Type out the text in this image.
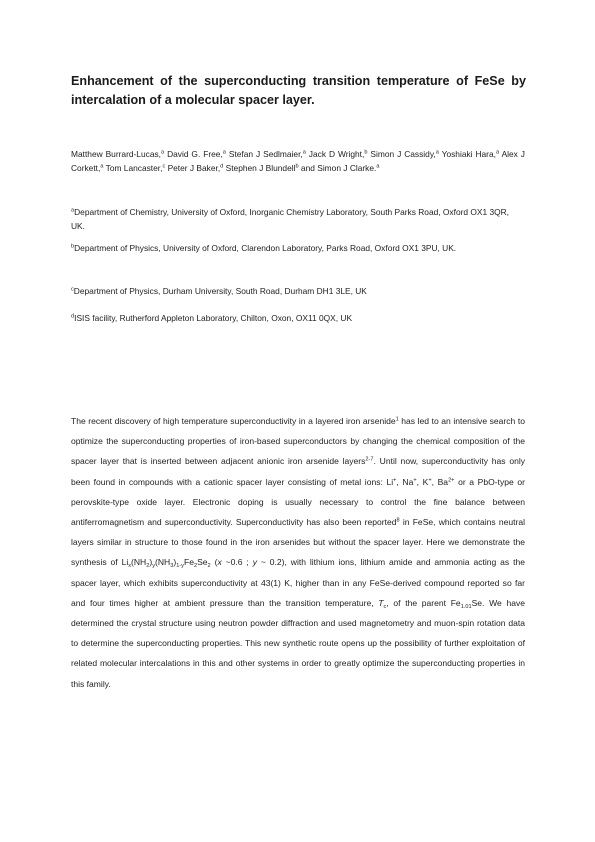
Enhancement of the superconducting transition temperature of FeSe by intercalation of a molecular spacer layer.
Matthew Burrard-Lucas,$^a$ David G. Free,$^a$ Stefan J Sedlmaier,$^a$ Jack D Wright,$^b$ Simon J Cassidy,$^a$ Yoshiaki Hara,$^a$ Alex J Corkett,$^a$ Tom Lancaster,$^c$ Peter J Baker,$^d$ Stephen J Blundell$^b$ and Simon J Clarke.$^a$
$^a$Department of Chemistry, University of Oxford, Inorganic Chemistry Laboratory, South Parks Road, Oxford OX1 3QR, UK.
$^b$Department of Physics, University of Oxford, Clarendon Laboratory, Parks Road, Oxford OX1 3PU, UK.
$^c$Department of Physics, Durham University, South Road, Durham DH1 3LE, UK
$^d$ISIS facility, Rutherford Appleton Laboratory, Chilton, Oxon, OX11 0QX, UK
The recent discovery of high temperature superconductivity in a layered iron arsenide$^1$ has led to an intensive search to optimize the superconducting properties of iron-based superconductors by changing the chemical composition of the spacer layer that is inserted between adjacent anionic iron arsenide layers$^{2-7}$. Until now, superconductivity has only been found in compounds with a cationic spacer layer consisting of metal ions: Li+, Na+, K+, $Ba^{2+}$ or a PbO-type or perovskite-type oxide layer. Electronic doping is usually necessary to control the fine balance between antiferromagnetism and superconductivity. Superconductivity has also been reported$^8$ in FeSe, which contains neutral layers similar in structure to those found in the iron arsenides but without the spacer layer. Here we demonstrate the synthesis of $Li_x(NH_2)_y(NH_3)_{1-y}Fe_2Se_2$ (x ~0.6 ; y ~ 0.2), with lithium ions, lithium amide and ammonia acting as the spacer layer, which exhibits superconductivity at 43(1) K, higher than in any FeSe-derived compound reported so far and four times higher at ambient pressure than the transition temperature, $T_c$, of the parent $Fe_{1.01}Se$. We have determined the crystal structure using neutron powder diffraction and used magnetometry and muon-spin rotation data to determine the superconducting properties. This new synthetic route opens up the possibility of further exploitation of related molecular intercalations in this and other systems in order to greatly optimize the superconducting properties in this family.
